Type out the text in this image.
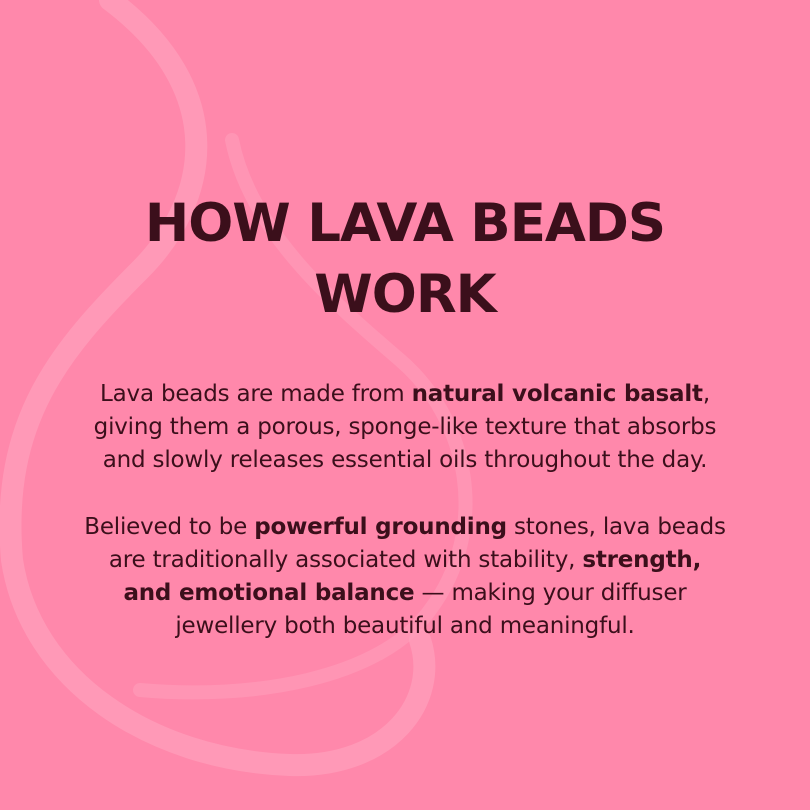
HOW LAVA BEADS
WORK

Lava beads are made from natural volcanic basalt,
giving them a porous, sponge-like texture that absorbs
and slowly releases essential oils throughout the day.

Believed to be powerful grounding stones, lava beads
are traditionally associated with stability, strength,
and emotional balance — making your diffuser
jewellery both beautiful and meaningful.
